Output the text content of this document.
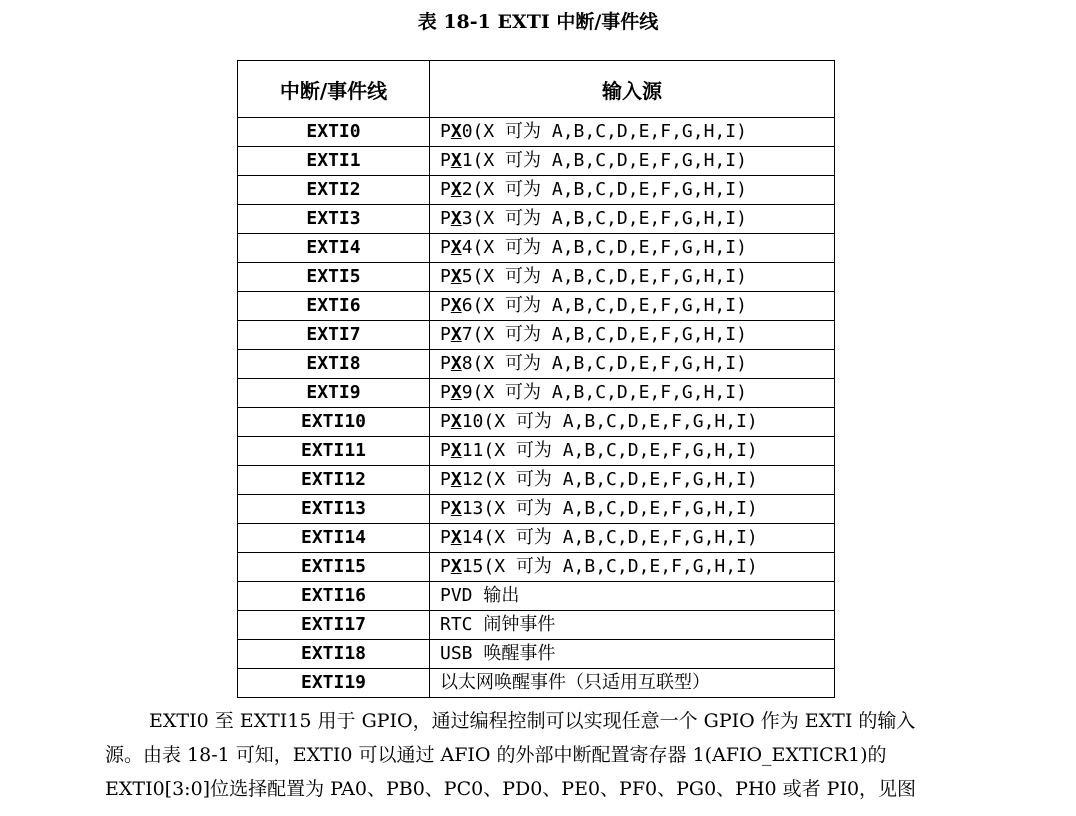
表 18-1 EXTI 中断/事件线
中断/事件线	输入源
EXTI0	PX0(X 可为 A,B,C,D,E,F,G,H,I)
EXTI1	PX1(X 可为 A,B,C,D,E,F,G,H,I)
EXTI2	PX2(X 可为 A,B,C,D,E,F,G,H,I)
EXTI3	PX3(X 可为 A,B,C,D,E,F,G,H,I)
EXTI4	PX4(X 可为 A,B,C,D,E,F,G,H,I)
EXTI5	PX5(X 可为 A,B,C,D,E,F,G,H,I)
EXTI6	PX6(X 可为 A,B,C,D,E,F,G,H,I)
EXTI7	PX7(X 可为 A,B,C,D,E,F,G,H,I)
EXTI8	PX8(X 可为 A,B,C,D,E,F,G,H,I)
EXTI9	PX9(X 可为 A,B,C,D,E,F,G,H,I)
EXTI10	PX10(X 可为 A,B,C,D,E,F,G,H,I)
EXTI11	PX11(X 可为 A,B,C,D,E,F,G,H,I)
EXTI12	PX12(X 可为 A,B,C,D,E,F,G,H,I)
EXTI13	PX13(X 可为 A,B,C,D,E,F,G,H,I)
EXTI14	PX14(X 可为 A,B,C,D,E,F,G,H,I)
EXTI15	PX15(X 可为 A,B,C,D,E,F,G,H,I)
EXTI16	PVD 输出
EXTI17	RTC 闹钟事件
EXTI18	USB 唤醒事件
EXTI19	以太网唤醒事件（只适用互联型）

EXTI0 至 EXTI15 用于 GPIO，通过编程控制可以实现任意一个 GPIO 作为 EXTI 的输入

源。由表 18-1 可知，EXTI0 可以通过 AFIO 的外部中断配置寄存器 1(AFIO_EXTICR1)的

EXTI0[3:0]位选择配置为 PA0、PB0、PC0、PD0、PE0、PF0、PG0、PH0 或者 PI0，见图
